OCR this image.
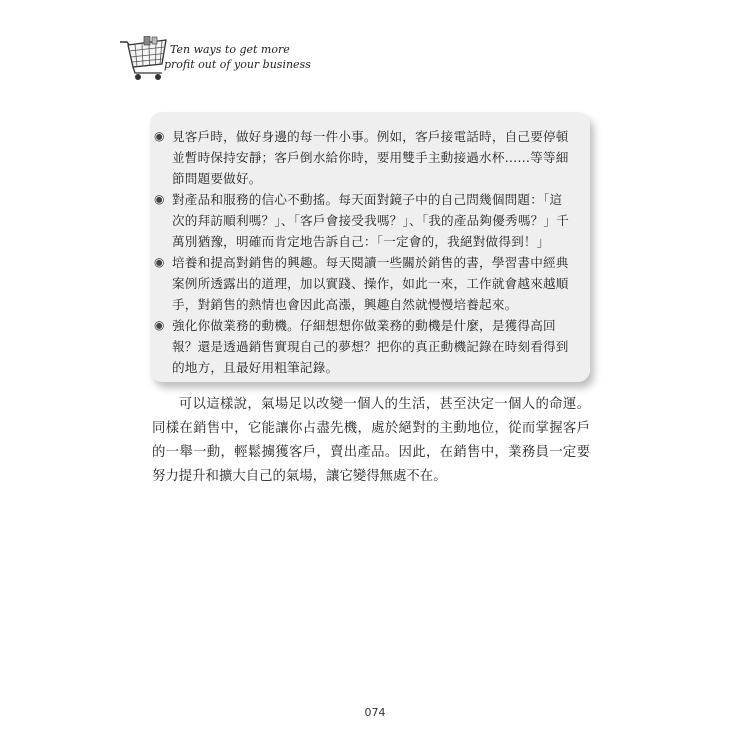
Ten ways to get more
profit out of your business
◉ 見客戶時，做好身邊的每一件小事。例如，客戶接電話時，自己要停頓並暫時保持安靜；客戶倒水給你時，要用雙手主動接過水杯……等等細節問題要做好。
◉ 對產品和服務的信心不動搖。每天面對鏡子中的自己問幾個問題：「這次的拜訪順利嗎？」、「客戶會接受我嗎？」、「我的產品夠優秀嗎？」千萬別猶豫，明確而肯定地告訴自己：「一定會的，我絕對做得到！」
◉ 培養和提高對銷售的興趣。每天閱讀一些關於銷售的書，學習書中經典案例所透露出的道理，加以實踐、操作，如此一來，工作就會越來越順手，對銷售的熱情也會因此高漲，興趣自然就慢慢培養起來。
◉ 強化你做業務的動機。仔細想想你做業務的動機是什麼，是獲得高回報？還是透過銷售實現自己的夢想？把你的真正動機記錄在時刻看得到的地方，且最好用粗筆記錄。

可以這樣說，氣場足以改變一個人的生活，甚至決定一個人的命運。同樣在銷售中，它能讓你占盡先機，處於絕對的主動地位，從而掌握客戶的一舉一動，輕鬆擄獲客戶，賣出產品。因此，在銷售中，業務員一定要努力提升和擴大自己的氣場，讓它變得無處不在。

074
